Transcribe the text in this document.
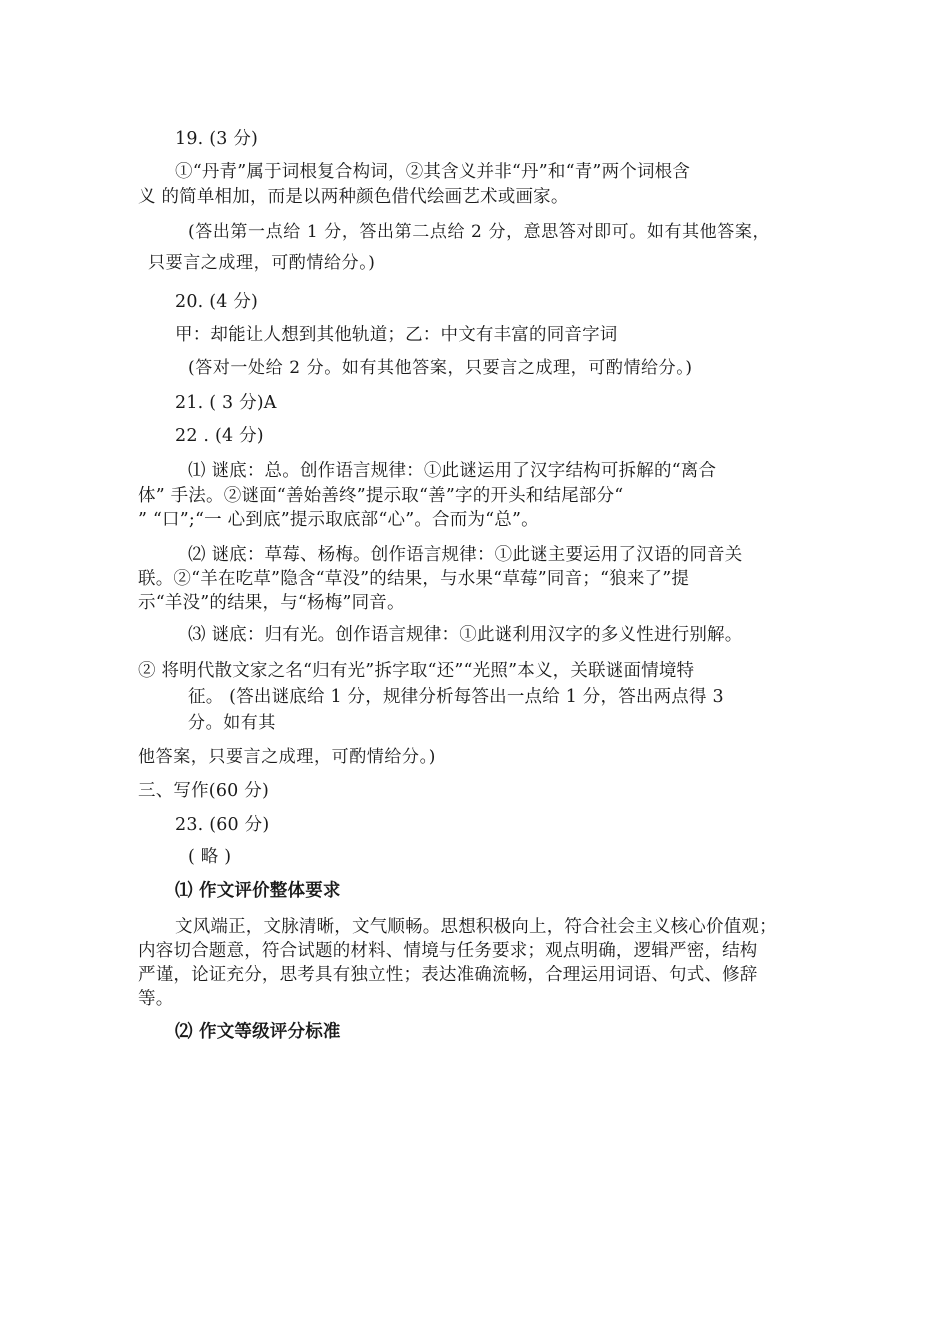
19. (3 分)
①“丹青”属于词根复合构词，②其含义并非“丹”和“青”两个词根含
义 的简单相加，而是以两种颜色借代绘画艺术或画家。
(答出第一点给 1 分，答出第二点给 2 分，意思答对即可。如有其他答案，
只要言之成理，可酌情给分。)
20. (4 分)
甲：却能让人想到其他轨道；乙：中文有丰富的同音字词
(答对一处给 2 分。如有其他答案，只要言之成理，可酌情给分。)
21. ( 3 分)A
22 . (4 分)
⑴ 谜底：总。创作语言规律：①此谜运用了汉字结构可拆解的“离合
体” 手法。②谜面“善始善终”提示取“善”字的开头和结尾部分“
” “口”;“一 心到底”提示取底部“心”。合而为“总”。
⑵ 谜底：草莓、杨梅。创作语言规律：①此谜主要运用了汉语的同音关
联。②“羊在吃草”隐含“草没”的结果，与水果“草莓”同音；“狼来了”提
示“羊没”的结果，与“杨梅”同音。
⑶ 谜底：归有光。创作语言规律：①此谜利用汉字的多义性进行别解。
② 将明代散文家之名“归有光”拆字取“还”“光照”本义，关联谜面情境特
征。 (答出谜底给 1 分，规律分析每答出一点给 1 分，答出两点得 3
分。如有其
他答案，只要言之成理，可酌情给分。)
三、写作(60 分)
23. (60 分)
( 略 )
⑴ 作文评价整体要求
文风端正，文脉清晰，文气顺畅。思想积极向上，符合社会主义核心价值观；
内容切合题意，符合试题的材料、情境与任务要求；观点明确，逻辑严密，结构
严谨，论证充分，思考具有独立性；表达准确流畅，合理运用词语、句式、修辞
等。
⑵ 作文等级评分标准
